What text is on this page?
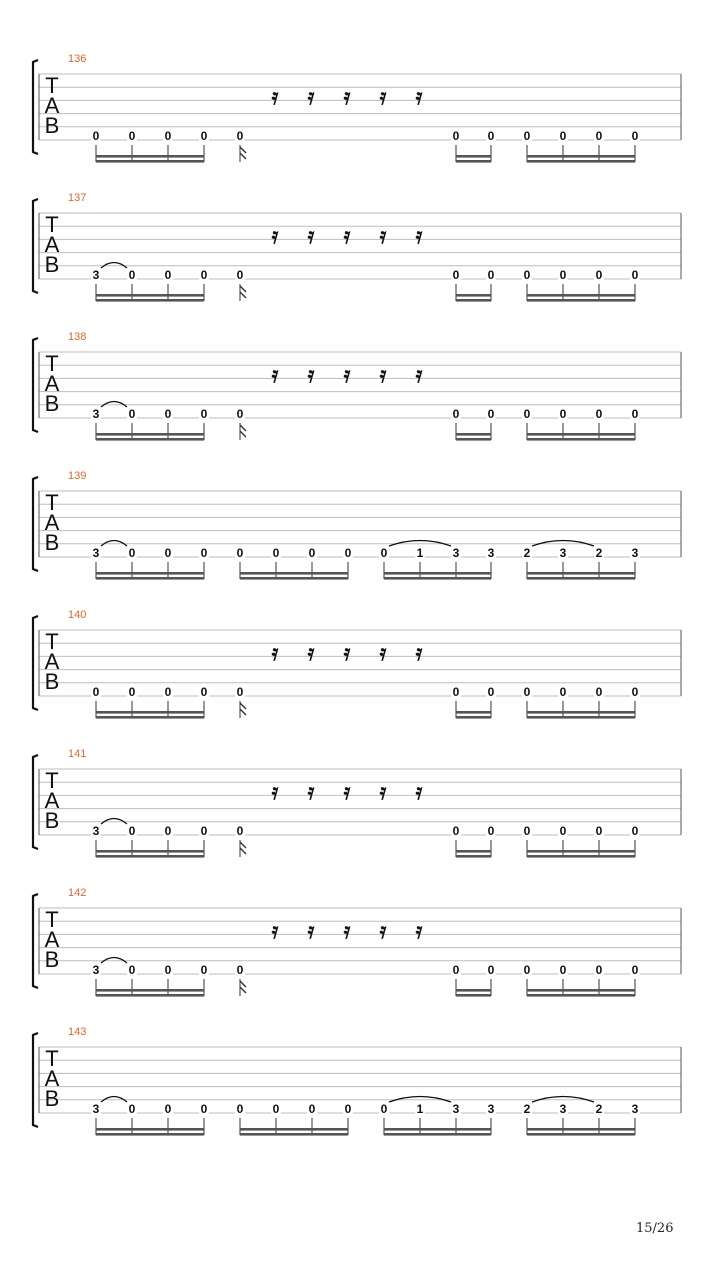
136
T
A
B	0 0 0 0 0	0 0 0 0 0 0
𝄿 𝄿 𝄿 𝄿 𝄿
137
T
A
B	3 0 0 0 0	0 0 0 0 0 0
𝄿 𝄿 𝄿 𝄿 𝄿
138
T
A
B	3 0 0 0 0	0 0 0 0 0 0
𝄿 𝄿 𝄿 𝄿 𝄿
139
T
A
B	3 0 0 0 0 0 0 0 0 1 3 3 2 3 2 3
140
T
A
B	0 0 0 0 0	0 0 0 0 0 0
𝄿 𝄿 𝄿 𝄿 𝄿
141
T
A
B	3 0 0 0 0	0 0 0 0 0 0
𝄿 𝄿 𝄿 𝄿 𝄿
142
T
A
B	3 0 0 0 0	0 0 0 0 0 0
𝄿 𝄿 𝄿 𝄿 𝄿
143
T
A
B	3 0 0 0 0 0 0 0 0 1 3 3 2 3 2 3
15/26
